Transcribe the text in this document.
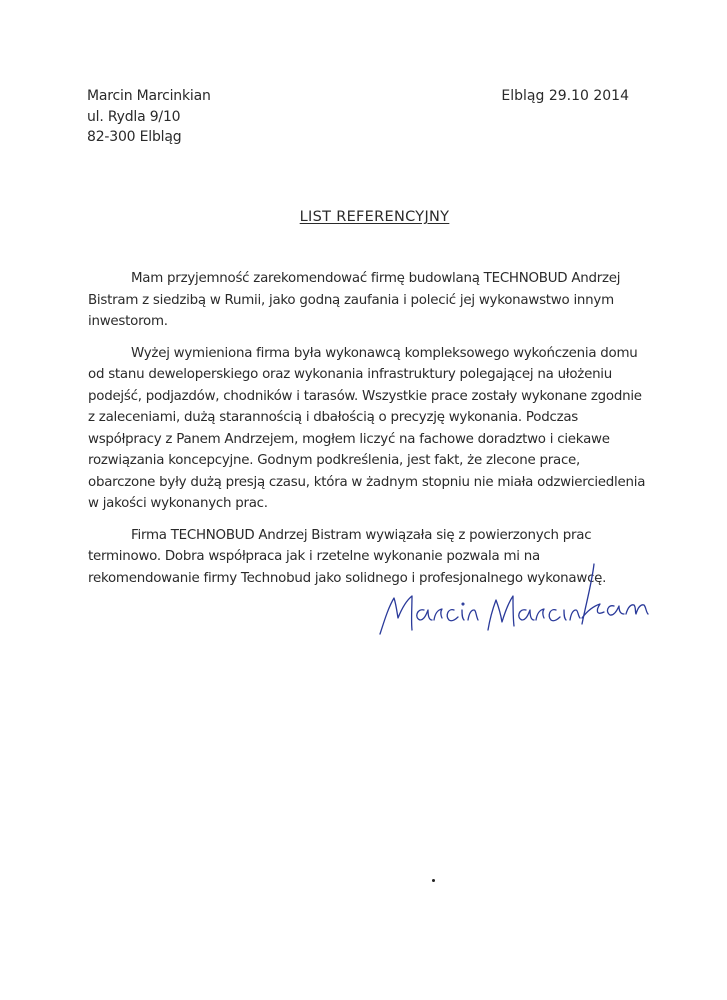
Marcin Marcinkian
ul. Rydla 9/10
82-300 Elbląg
Elbląg 29.10 2014
LIST REFERENCYJNY

Mam przyjemność zarekomendować firmę budowlaną TECHNOBUD Andrzej Bistram z siedzibą w Rumii, jako godną zaufania i polecić jej wykonawstwo innym inwestorom.

Wyżej wymieniona firma była wykonawcą kompleksowego wykończenia domu od stanu deweloperskiego oraz wykonania infrastruktury polegającej na ułożeniu podejść, podjazdów, chodników i tarasów. Wszystkie prace zostały wykonane zgodnie z zaleceniami, dużą starannością i dbałością o precyzję wykonania. Podczas współpracy z Panem Andrzejem, mogłem liczyć na fachowe doradztwo i ciekawe rozwiązania koncepcyjne. Godnym podkreślenia, jest fakt, że zlecone prace, obarczone były dużą presją czasu, która w żadnym stopniu nie miała odzwierciedlenia w jakości wykonanych prac.

Firma TECHNOBUD Andrzej Bistram wywiązała się z powierzonych prac terminowo. Dobra współpraca jak i rzetelne wykonanie pozwala mi na rekomendowanie firmy Technobud jako solidnego i profesjonalnego wykonawcę.
